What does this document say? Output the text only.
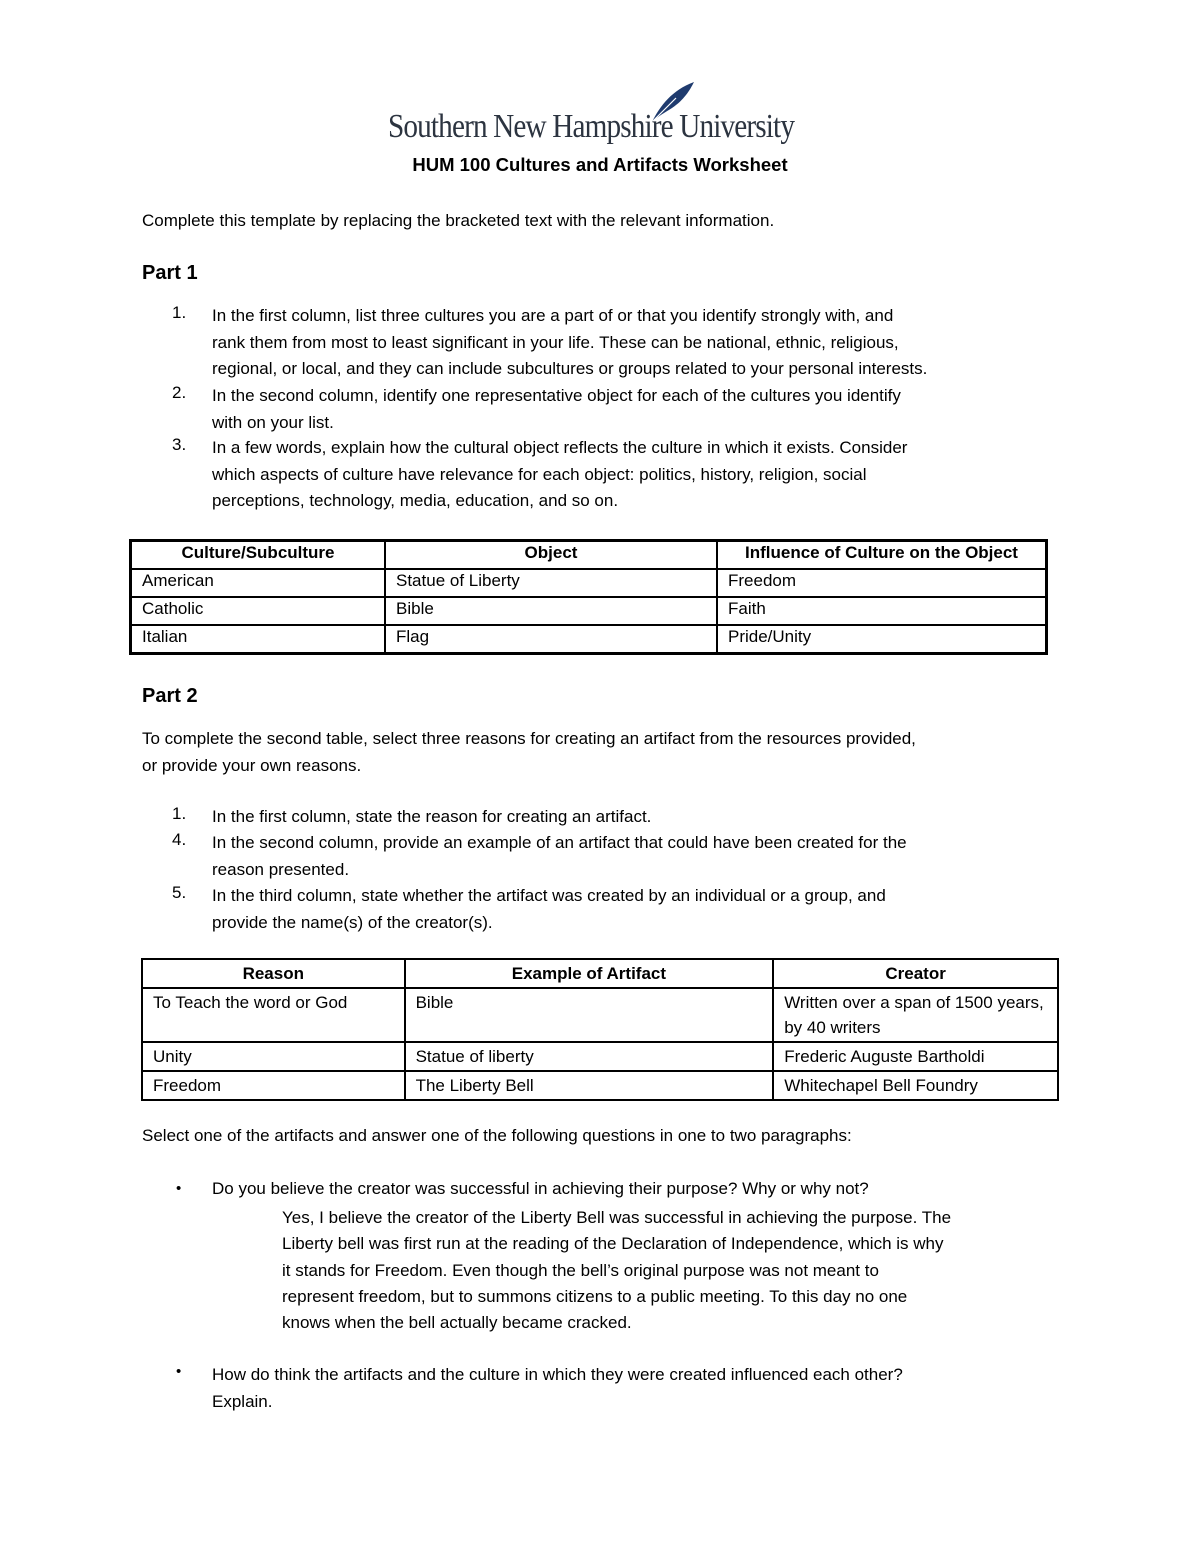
Southern New Hampshire University
HUM 100 Cultures and Artifacts Worksheet
Complete this template by replacing the bracketed text with the relevant information.
Part 1
1. In the first column, list three cultures you are a part of or that you identify strongly with, and
rank them from most to least significant in your life. These can be national, ethnic, religious,
regional, or local, and they can include subcultures or groups related to your personal interests.
2. In the second column, identify one representative object for each of the cultures you identify
with on your list.
3. In a few words, explain how the cultural object reflects the culture in which it exists. Consider
which aspects of culture have relevance for each object: politics, history, religion, social
perceptions, technology, media, education, and so on.
Culture/Subculture	Object	Influence of Culture on the Object
American	Statue of Liberty	Freedom
Catholic	Bible	Faith
Italian	Flag	Pride/Unity
Part 2
To complete the second table, select three reasons for creating an artifact from the resources provided,
or provide your own reasons.
1. In the first column, state the reason for creating an artifact.
4. In the second column, provide an example of an artifact that could have been created for the
reason presented.
5. In the third column, state whether the artifact was created by an individual or a group, and
provide the name(s) of the creator(s).
Reason	Example of Artifact	Creator
To Teach the word or God	Bible	Written over a span of 1500 years, by 40 writers
Unity	Statue of liberty	Frederic Auguste Bartholdi
Freedom	The Liberty Bell	Whitechapel Bell Foundry
Select one of the artifacts and answer one of the following questions in one to two paragraphs:
• Do you believe the creator was successful in achieving their purpose? Why or why not?
Yes, I believe the creator of the Liberty Bell was successful in achieving the purpose. The
Liberty bell was first run at the reading of the Declaration of Independence, which is why
it stands for Freedom. Even though the bell’s original purpose was not meant to
represent freedom, but to summons citizens to a public meeting. To this day no one
knows when the bell actually became cracked.
• How do think the artifacts and the culture in which they were created influenced each other?
Explain.
